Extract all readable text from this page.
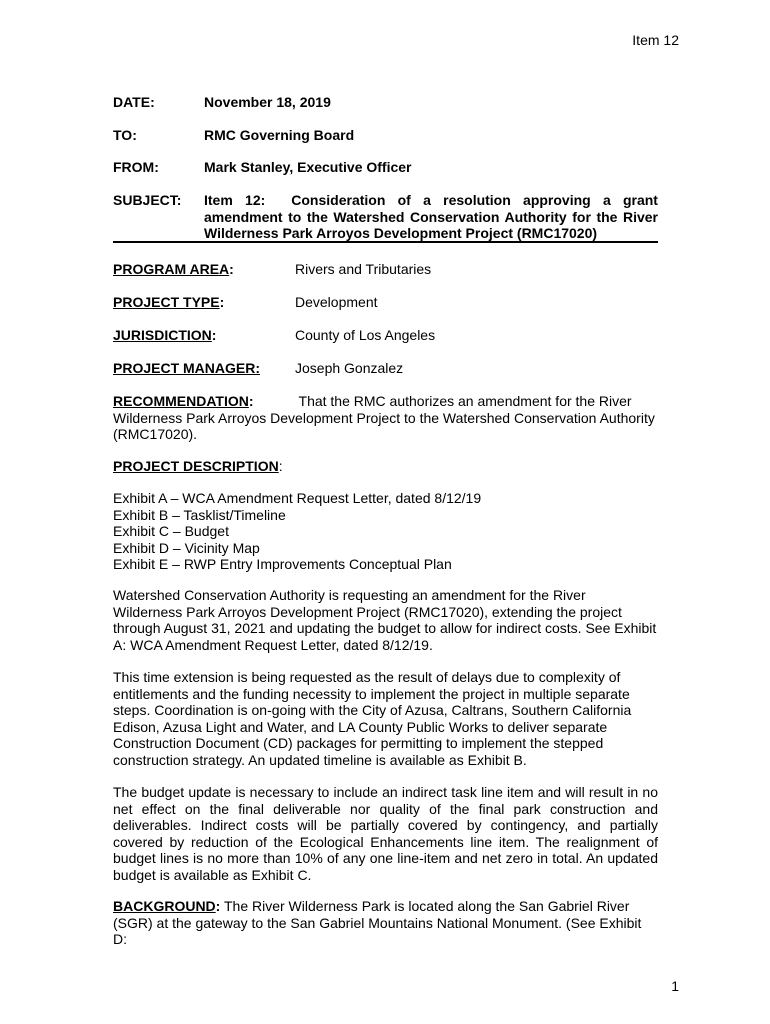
Item 12
DATE:	November 18, 2019
TO:	RMC Governing Board
FROM:	Mark Stanley, Executive Officer
SUBJECT: Item 12: Consideration of a resolution approving a grant amendment to the Watershed Conservation Authority for the River Wilderness Park Arroyos Development Project (RMC17020)
PROGRAM AREA:	Rivers and Tributaries
PROJECT TYPE:	Development
JURISDICTION:	County of Los Angeles
PROJECT MANAGER: Joseph Gonzalez
RECOMMENDATION:	That the RMC authorizes an amendment for the River Wilderness Park Arroyos Development Project to the Watershed Conservation Authority (RMC17020).
PROJECT DESCRIPTION:
Exhibit A – WCA Amendment Request Letter, dated 8/12/19
Exhibit B – Tasklist/Timeline
Exhibit C – Budget
Exhibit D – Vicinity Map
Exhibit E – RWP Entry Improvements Conceptual Plan
Watershed Conservation Authority is requesting an amendment for the River Wilderness Park Arroyos Development Project (RMC17020), extending the project through August 31, 2021 and updating the budget to allow for indirect costs. See Exhibit A: WCA Amendment Request Letter, dated 8/12/19.
This time extension is being requested as the result of delays due to complexity of entitlements and the funding necessity to implement the project in multiple separate steps. Coordination is on-going with the City of Azusa, Caltrans, Southern California Edison, Azusa Light and Water, and LA County Public Works to deliver separate Construction Document (CD) packages for permitting to implement the stepped construction strategy. An updated timeline is available as Exhibit B.
The budget update is necessary to include an indirect task line item and will result in no net effect on the final deliverable nor quality of the final park construction and deliverables. Indirect costs will be partially covered by contingency, and partially covered by reduction of the Ecological Enhancements line item. The realignment of budget lines is no more than 10% of any one line-item and net zero in total. An updated budget is available as Exhibit C.
BACKGROUND: The River Wilderness Park is located along the San Gabriel River (SGR) at the gateway to the San Gabriel Mountains National Monument. (See Exhibit D:
1
